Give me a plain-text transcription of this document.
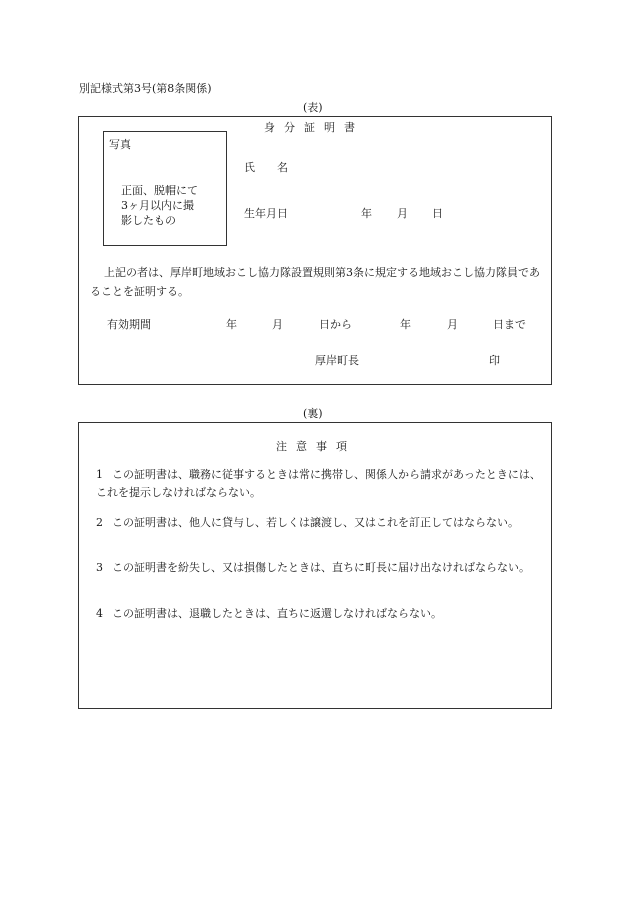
別記様式第3号(第8条関係)
(表)
身分証明書
写真
正面、脱帽にて
3ヶ月以内に撮
影したもの
氏　　名
生年月日	年 月 日
上記の者は、厚岸町地域おこし協力隊設置規則第3条に規定する地域おこし協力隊員であることを証明する。
有効期間	年	月	日から	年	月	日まで
厚岸町長	印
(裏)
注意事項
1 この証明書は、職務に従事するときは常に携帯し、関係人から請求があったときには、これを提示しなければならない。
2 この証明書は、他人に貸与し、若しくは譲渡し、又はこれを訂正してはならない。
3 この証明書を紛失し、又は損傷したときは、直ちに町長に届け出なければならない。
4 この証明書は、退職したときは、直ちに返還しなければならない。
